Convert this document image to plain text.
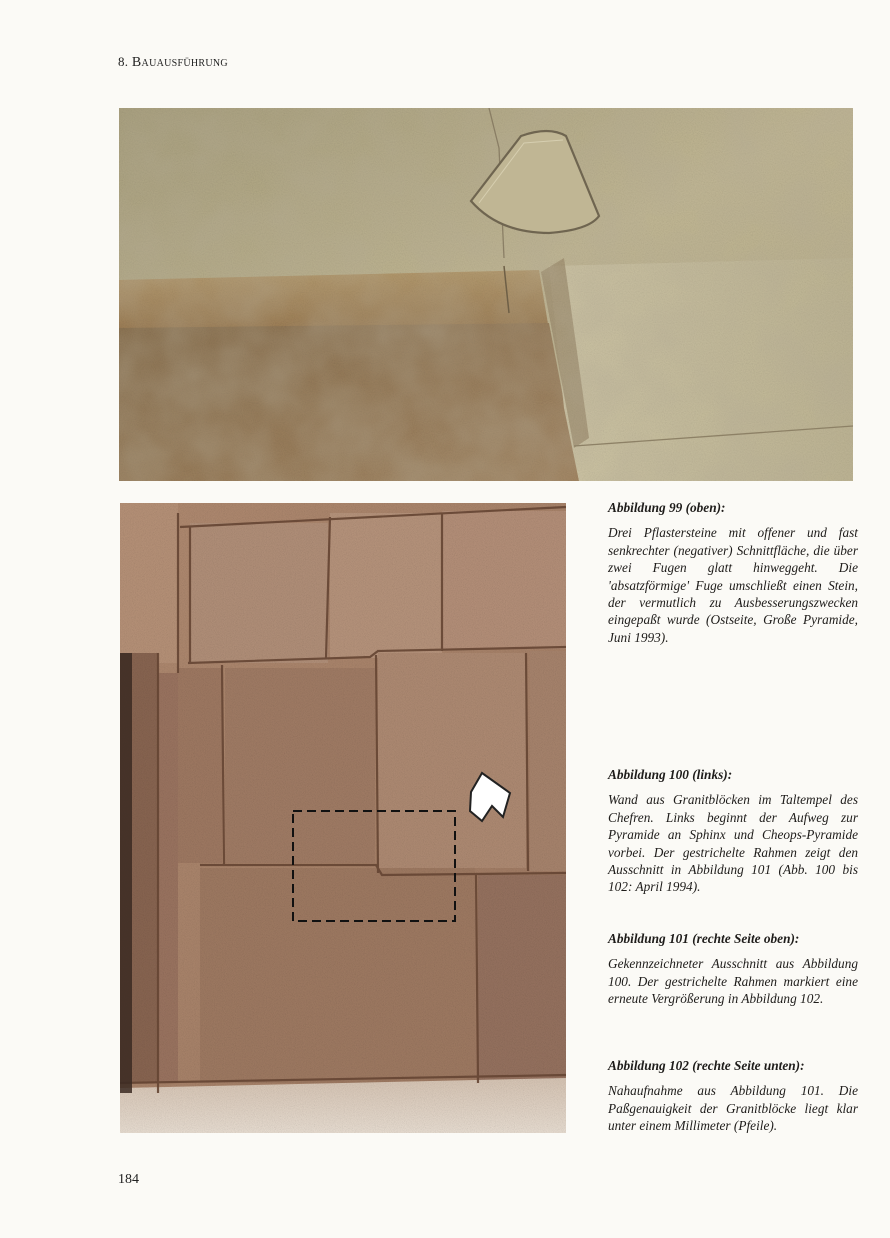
8. Bauausführung
Abbildung 99 (oben):
Drei Pflastersteine mit offener und fast senkrechter (negativer) Schnittfläche, die über zwei Fugen glatt hinweggeht. Die 'absatzförmige' Fuge umschließt einen Stein, der vermutlich zu Ausbesserungszwecken eingepaßt wurde (Ostseite, Große Pyramide, Juni 1993).
Abbildung 100 (links):
Wand aus Granitblöcken im Taltempel des Chefren. Links beginnt der Aufweg zur Pyramide an Sphinx und Cheops-Pyramide vorbei. Der gestrichelte Rahmen zeigt den Ausschnitt in Abbildung 101 (Abb. 100 bis 102: April 1994).
Abbildung 101 (rechte Seite oben):
Gekennzeichneter Ausschnitt aus Abbildung 100. Der gestrichelte Rahmen markiert eine erneute Vergrößerung in Abbildung 102.
Abbildung 102 (rechte Seite unten):
Nahaufnahme aus Abbildung 101. Die Paßgenauigkeit der Granitblöcke liegt klar unter einem Millimeter (Pfeile).
184
